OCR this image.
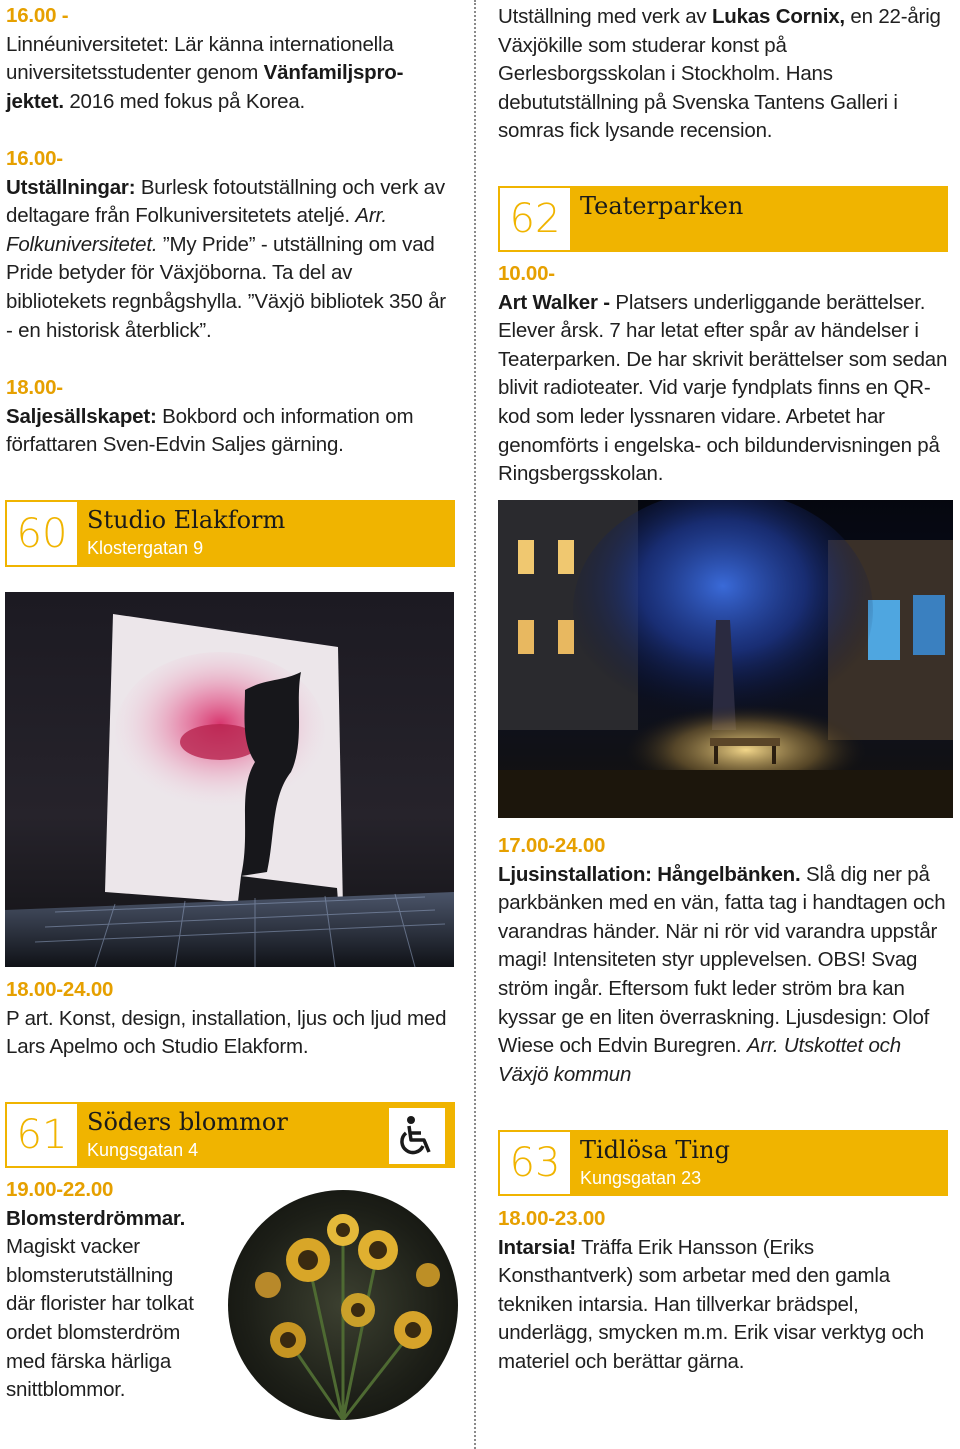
16.00 -
Linnéuniversitetet: Lär känna internationella universitetsstudenter genom Vänfamiljspro-jektet. 2016 med fokus på Korea.

16.00-
Utställningar: Burlesk fotoutställning och verk av deltagare från Folkuniversitetets ateljé. Arr. Folkuniversitetet. ”My Pride” - utställning om vad Pride betyder för Växjöborna. Ta del av bibliotekets regnbågshylla. ”Växjö bibliotek 350 år - en historisk återblick”.

18.00-
Saljesällskapet: Bokbord och information om författaren Sven-Edvin Saljes gärning.

60 Studio Elakform
Klostergatan 9

18.00-24.00
P art. Konst, design, installation, ljus och ljud med Lars Apelmo och Studio Elakform.

61 Söders blommor
Kungsgatan 4

19.00-22.00
Blomsterdrömmar.
Magiskt vacker blomsterutställning där florister har tolkat ordet blomsterdröm med färska härliga snittblommor.

Utställning med verk av Lukas Cornix, en 22-årig Växjökille som studerar konst på Gerlesborgsskolan i Stockholm. Hans debututställning på Svenska Tantens Galleri i somras fick lysande recension.

62 Teaterparken

10.00-
Art Walker - Platsers underliggande berättelser. Elever årsk. 7 har letat efter spår av händelser i Teaterparken. De har skrivit berättelser som sedan blivit radioteater. Vid varje fyndplats finns en QR-kod som leder lyssnaren vidare. Arbetet har genomförts i engelska- och bildundervisningen på Ringsbergsskolan.

17.00-24.00
Ljusinstallation: Hångelbänken. Slå dig ner på parkbänken med en vän, fatta tag i handtagen och varandras händer. När ni rör vid varandra uppstår magi! Intensiteten styr upplevelsen. OBS! Svag ström ingår. Eftersom fukt leder ström bra kan kyssar ge en liten överraskning. Ljusdesign: Olof Wiese och Edvin Buregren. Arr. Utskottet och Växjö kommun

63 Tidlösa Ting
Kungsgatan 23

18.00-23.00
Intarsia! Träffa Erik Hansson (Eriks Konsthantverk) som arbetar med den gamla tekniken intarsia. Han tillverkar brädspel, underlägg, smycken m.m. Erik visar verktyg och materiel och berättar gärna.
